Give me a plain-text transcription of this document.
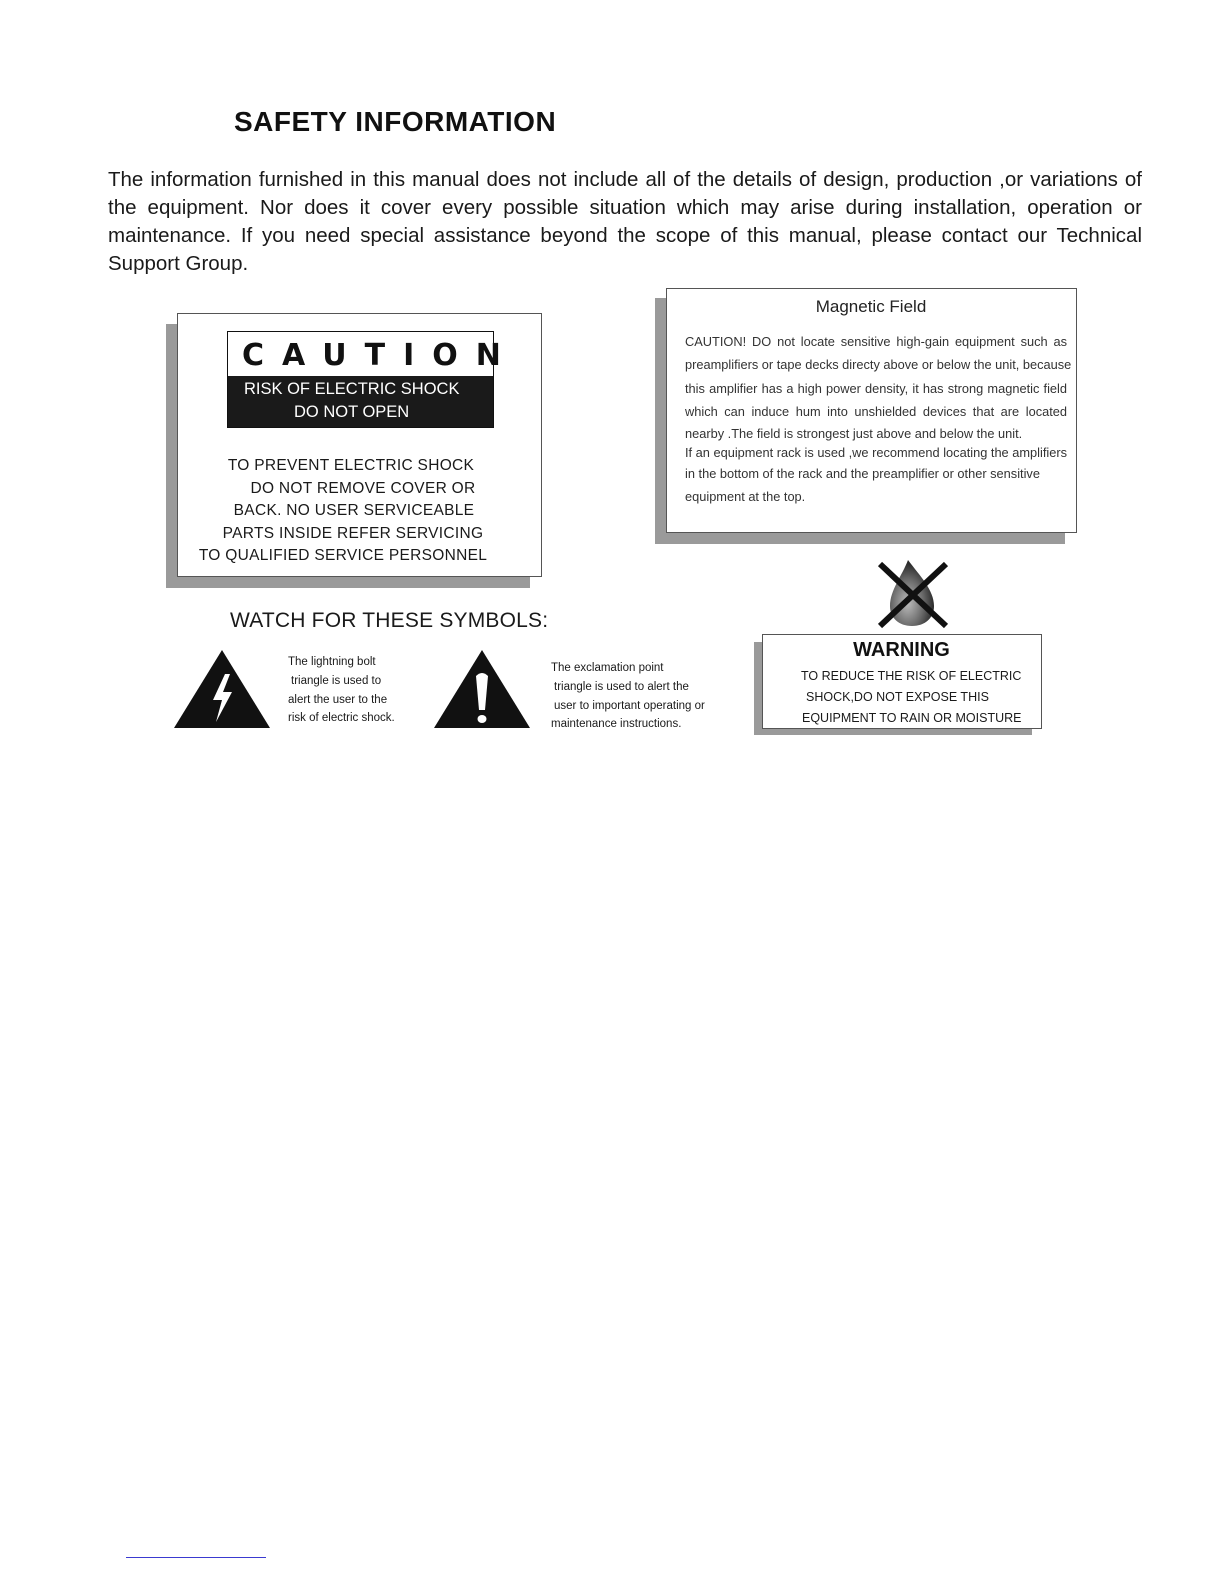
SAFETY INFORMATION

The information furnished in this manual does not include all of the details of design, production ,or variations of the equipment. Nor does it cover every possible situation which may arise during installation, operation or maintenance. If you need special assistance beyond the scope of this manual, please contact our Technical Support Group.

CAUTION
RISK OF ELECTRIC SHOCK
DO NOT OPEN
TO PREVENT ELECTRIC SHOCK
DO NOT REMOVE COVER OR
BACK. NO USER SERVICEABLE
PARTS INSIDE REFER SERVICING
TO QUALIFIED SERVICE PERSONNEL
Magnetic Field
CAUTION! DO not locate sensitive high-gain equipment such as
preamplifiers or tape decks directy above or below the unit, because
this amplifier has a high power density, it has strong magnetic field
which can induce hum into unshielded devices that are located
nearby .The field is strongest just above and below the unit.
If an equipment rack is used ,we recommend locating the amplifiers
in the bottom of the rack and the preamplifier or other sensitive
equipment at the top.
WATCH FOR THESE SYMBOLS:
The lightning bolt
triangle is used to
alert the user to the
risk of electric shock.
The exclamation point
triangle is used to alert the
user to important operating or
maintenance instructions.
WARNING
TO REDUCE THE RISK OF ELECTRIC
SHOCK,DO NOT EXPOSE THIS
EQUIPMENT TO RAIN OR MOISTURE
